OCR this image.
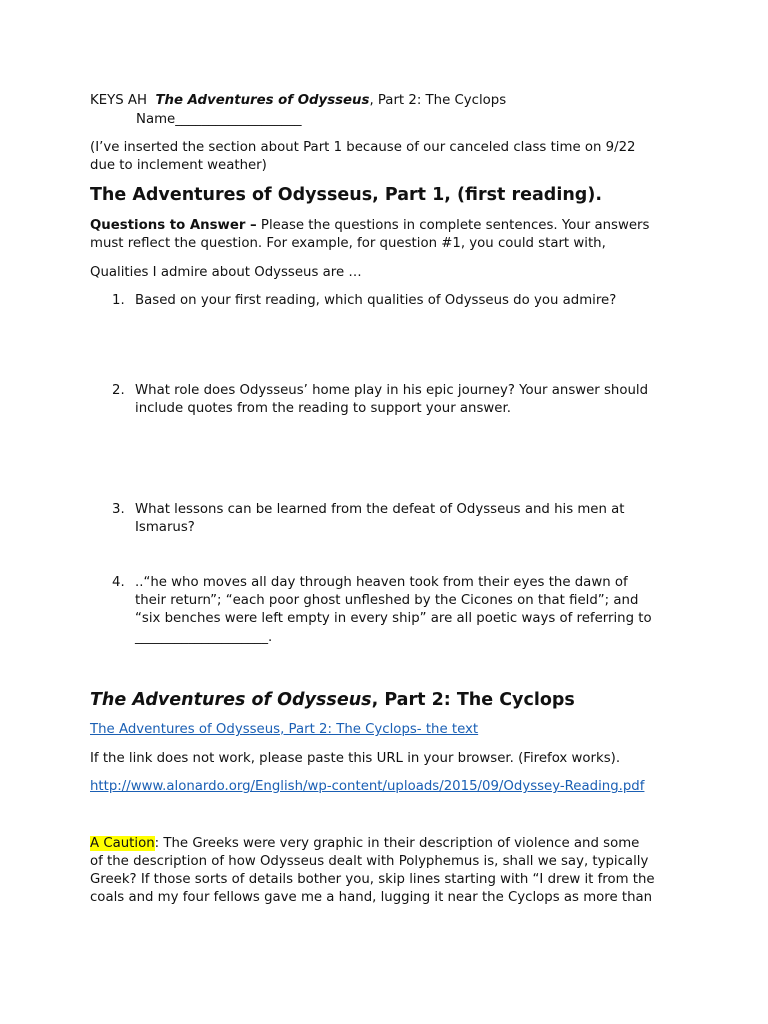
KEYS AH The Adventures of Odysseus, Part 2: The Cyclops
Name___________________
(I’ve inserted the section about Part 1 because of our canceled class time on 9/22
due to inclement weather)
The Adventures of Odysseus, Part 1, (first reading).
Questions to Answer – Please the questions in complete sentences. Your answers
must reflect the question. For example, for question #1, you could start with,
Qualities I admire about Odysseus are …
1. Based on your first reading, which qualities of Odysseus do you admire?
2. What role does Odysseus’ home play in his epic journey? Your answer should
include quotes from the reading to support your answer.
3. What lessons can be learned from the defeat of Odysseus and his men at
Ismarus?
4. ..“he who moves all day through heaven took from their eyes the dawn of
their return”; “each poor ghost unfleshed by the Cicones on that field”; and
“six benches were left empty in every ship” are all poetic ways of referring to
____________________.
The Adventures of Odysseus, Part 2: The Cyclops
The Adventures of Odysseus, Part 2: The Cyclops- the text
If the link does not work, please paste this URL in your browser. (Firefox works).
http://www.alonardo.org/English/wp-content/uploads/2015/09/Odyssey-Reading.pdf
A Caution: The Greeks were very graphic in their description of violence and some
of the description of how Odysseus dealt with Polyphemus is, shall we say, typically
Greek? If those sorts of details bother you, skip lines starting with “I drew it from the
coals and my four fellows gave me a hand, lugging it near the Cyclops as more than
